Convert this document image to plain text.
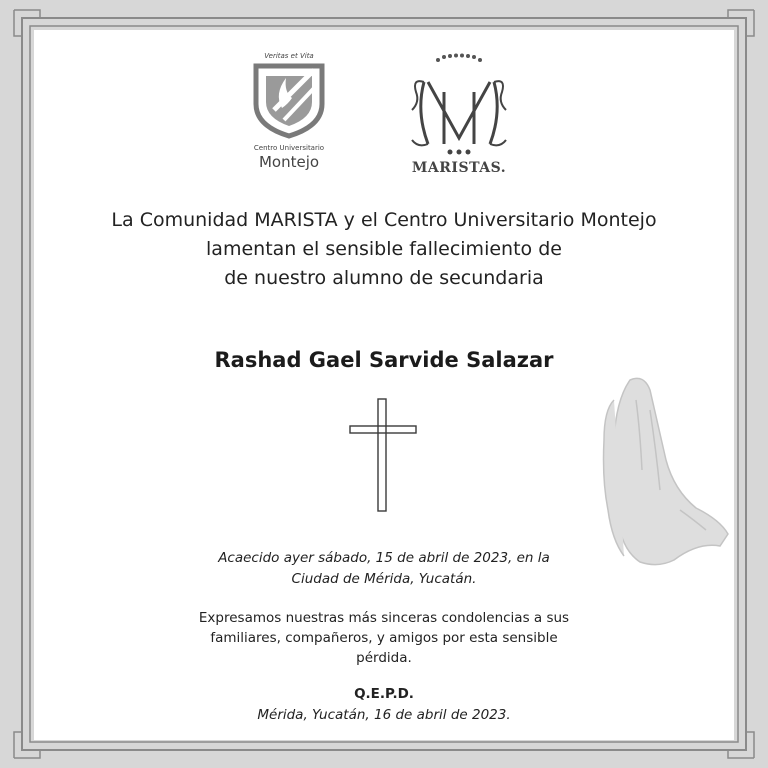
Veritas et Vita
Centro Universitario
Montejo	MARISTAS.
La Comunidad MARISTA y el Centro Universitario Montejo
lamentan el sensible fallecimiento de
de nuestro alumno de secundaria
Rashad Gael Sarvide Salazar
Acaecido ayer sábado, 15 de abril de 2023, en la
Ciudad de Mérida, Yucatán.
Expresamos nuestras más sinceras condolencias a sus
familiares, compañeros, y amigos por esta sensible
pérdida.
Q.E.P.D.
Mérida, Yucatán, 16 de abril de 2023.
